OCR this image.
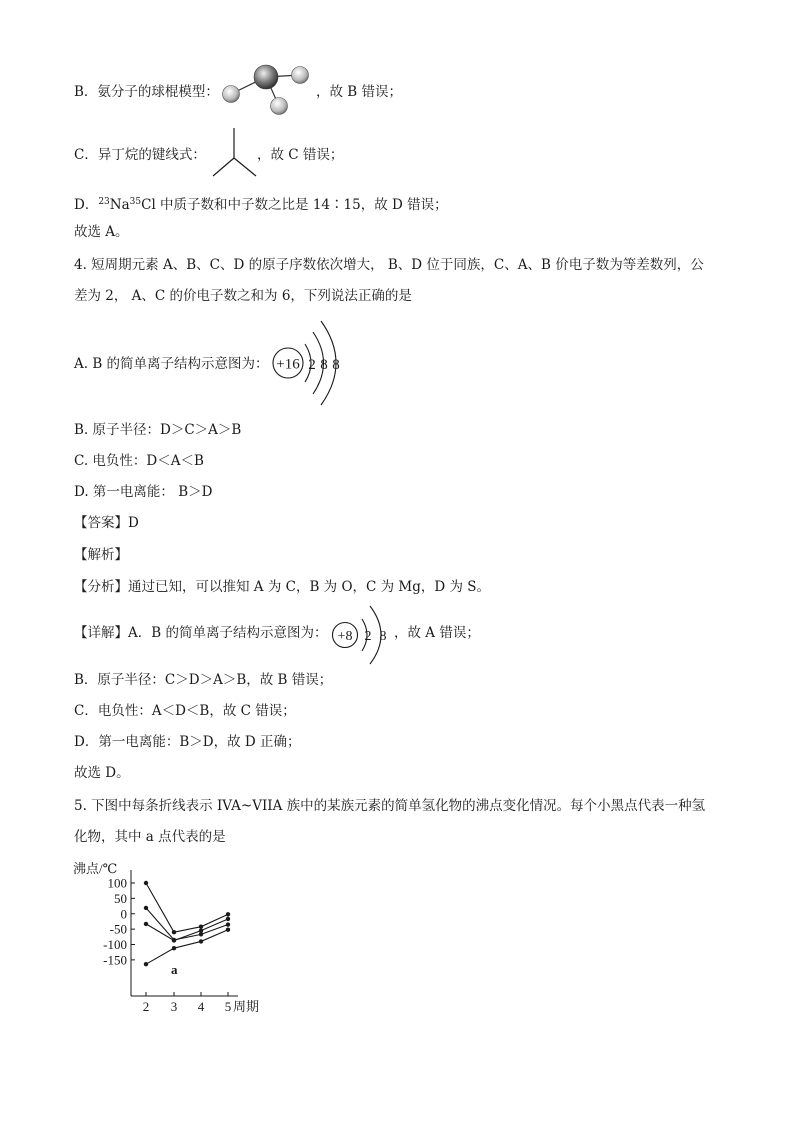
B．氨分子的球棍模型：	，故 B 错误；
C．异丁烷的键线式：	，故 C 错误；
D．$^{23}$Na$^{35}$Cl 中质子数和中子数之比是 14∶15，故 D 错误；
故选 A。
4. 短周期元素 A、B、C、D 的原子序数依次增大， B、D 位于同族，C、A、B 价电子数为等差数列，公
差为 2， A、C 的价电子数之和为 6，下列说法正确的是
A. B 的简单离子结构示意图为： +16 2 8 8
B. 原子半径：D＞C＞A＞B
C. 电负性：D＜A＜B
D. 第一电离能： B＞D
【答案】D
【解析】
【分析】通过已知，可以推知 A 为 C，B 为 O，C 为 Mg，D 为 S。
【详解】A．B 的简单离子结构示意图为： +8 2 8 ，故 A 错误；
B．原子半径：C＞D＞A＞B，故 B 错误；
C．电负性：A＜D＜B，故 C 错误；
D．第一电离能：B＞D，故 D 正确；
故选 D。
5. 下图中每条折线表示 IVA~VIIA 族中的某族元素的简单氢化物的沸点变化情况。每个小黑点代表一种氢
化物，其中 a 点代表的是
沸点/℃
100
50
0
-50
-100
-150
2 3 4 5 周期
a
